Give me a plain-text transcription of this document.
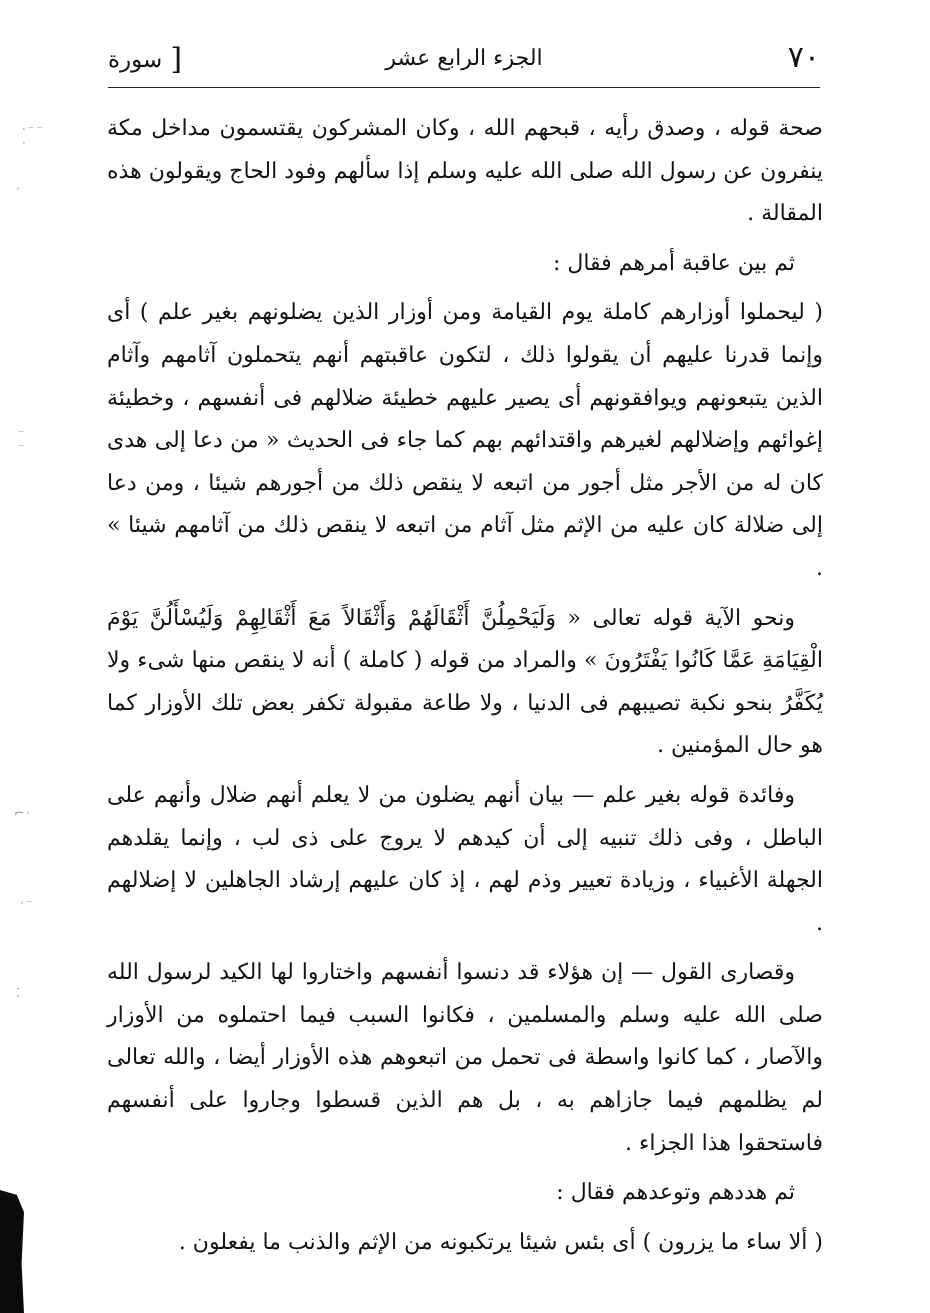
٧٠
الجزء الرابع عشر
[سورة

صحة قوله ، وصدق رأيه ، قبحهم الله ، وكان المشركون يقتسمون مداخل مكة ينفرون عن رسول الله صلى الله عليه وسلم إذا سألهم وفود الحاج ويقولون هذه المقالة .

ثم بين عاقبة أمرهم فقال :

( ليحملوا أوزارهم كاملة يوم القيامة ومن أوزار الذين يضلونهم بغير علم ) أى وإنما قدرنا عليهم أن يقولوا ذلك ، لتكون عاقبتهم أنهم يتحملون آثامهم وآثام الذين يتبعونهم ويوافقونهم أى يصير عليهم خطيئة ضلالهم فى أنفسهم ، وخطيئة إغوائهم وإضلالهم لغيرهم واقتدائهم بهم كما جاء فى الحديث « من دعا إلى هدى كان له من الأجر مثل أجور من اتبعه لا ينقص ذلك من أجورهم شيئا ، ومن دعا إلى ضلالة كان عليه من الإثم مثل آثام من اتبعه لا ينقص ذلك من آثامهم شيئا » .

ونحو الآية قوله تعالى « وَلَيَحْمِلُنَّ أَثْقَالَهُمْ وَأَثْقَالاً مَعَ أَثْقَالِهِمْ وَلَيُسْأَلُنَّ يَوْمَ الْقِيَامَةِ عَمَّا كَانُوا يَفْتَرُونَ » والمراد من قوله ( كاملة ) أنه لا ينقص منها شىء ولا يُكَفَّرُ بنحو نكبة تصيبهم فى الدنيا ، ولا طاعة مقبولة تكفر بعض تلك الأوزار كما هو حال المؤمنين .

وفائدة قوله بغير علم — بيان أنهم يضلون من لا يعلم أنهم ضلال وأنهم على الباطل ، وفى ذلك تنبيه إلى أن كيدهم لا يروج على ذى لب ، وإنما يقلدهم الجهلة الأغبياء ، وزيادة تعيير وذم لهم ، إذ كان عليهم إرشاد الجاهلين لا إضلالهم .

وقصارى القول — إن هؤلاء قد دنسوا أنفسهم واختاروا لها الكيد لرسول الله صلى الله عليه وسلم والمسلمين ، فكانوا السبب فيما احتملوه من الأوزار والآصار ، كما كانوا واسطة فى تحمل من اتبعوهم هذه الأوزار أيضا ، والله تعالى لم يظلمهم فيما جازاهم به ، بل هم الذين قسطوا وجاروا على أنفسهم فاستحقوا هذا الجزاء .

ثم هددهم وتوعدهم فقال :

( ألا ساء ما يزرون ) أى بئس شيئا يرتكبونه من الإثم والذنب ما يفعلون .

·⁻⁻ ·
·
⁻ ⁻
⌐·
·⁻
⁚
